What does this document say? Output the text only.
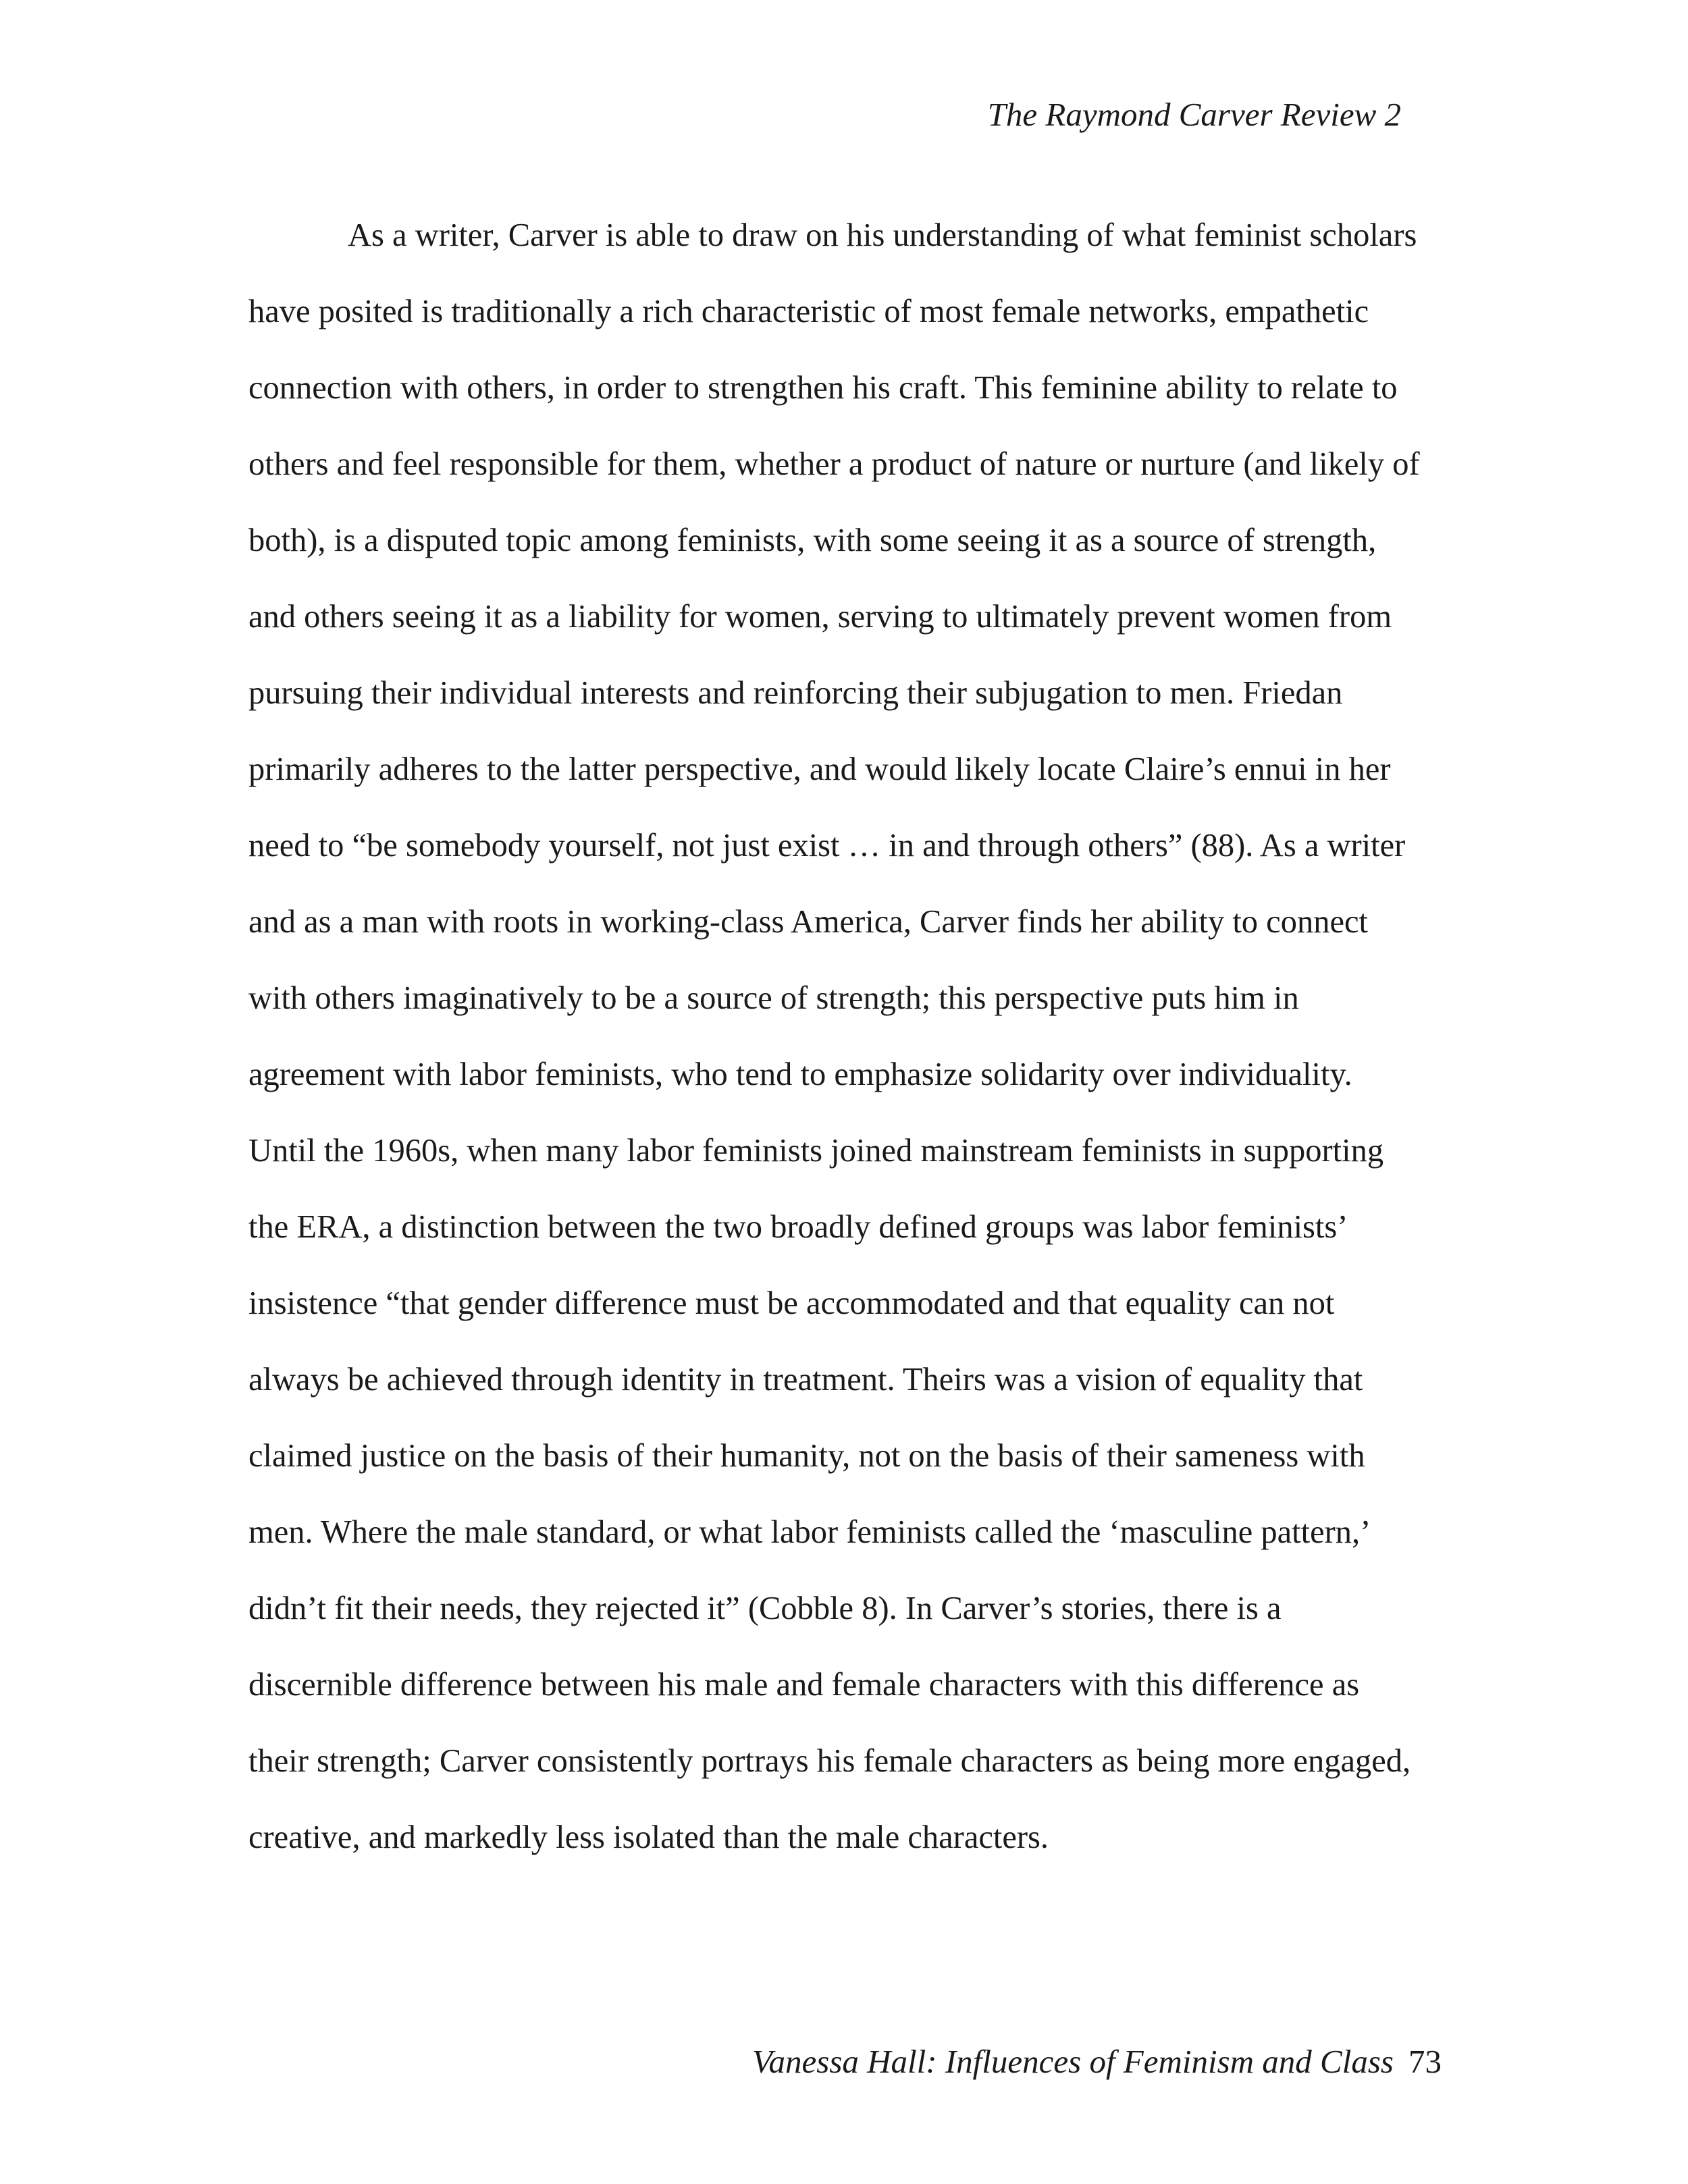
The Raymond Carver Review 2
As a writer, Carver is able to draw on his understanding of what feminist scholars
have posited is traditionally a rich characteristic of most female networks, empathetic
connection with others, in order to strengthen his craft. This feminine ability to relate to
others and feel responsible for them, whether a product of nature or nurture (and likely of
both), is a disputed topic among feminists, with some seeing it as a source of strength,
and others seeing it as a liability for women, serving to ultimately prevent women from
pursuing their individual interests and reinforcing their subjugation to men. Friedan
primarily adheres to the latter perspective, and would likely locate Claire’s ennui in her
need to “be somebody yourself, not just exist … in and through others” (88). As a writer
and as a man with roots in working-class America, Carver finds her ability to connect
with others imaginatively to be a source of strength; this perspective puts him in
agreement with labor feminists, who tend to emphasize solidarity over individuality.
Until the 1960s, when many labor feminists joined mainstream feminists in supporting
the ERA, a distinction between the two broadly defined groups was labor feminists’
insistence “that gender difference must be accommodated and that equality can not
always be achieved through identity in treatment. Theirs was a vision of equality that
claimed justice on the basis of their humanity, not on the basis of their sameness with
men. Where the male standard, or what labor feminists called the ‘masculine pattern,’
didn’t fit their needs, they rejected it” (Cobble 8). In Carver’s stories, there is a
discernible difference between his male and female characters with this difference as
their strength; Carver consistently portrays his female characters as being more engaged,
creative, and markedly less isolated than the male characters.
Vanessa Hall: Influences of Feminism and Class 73
